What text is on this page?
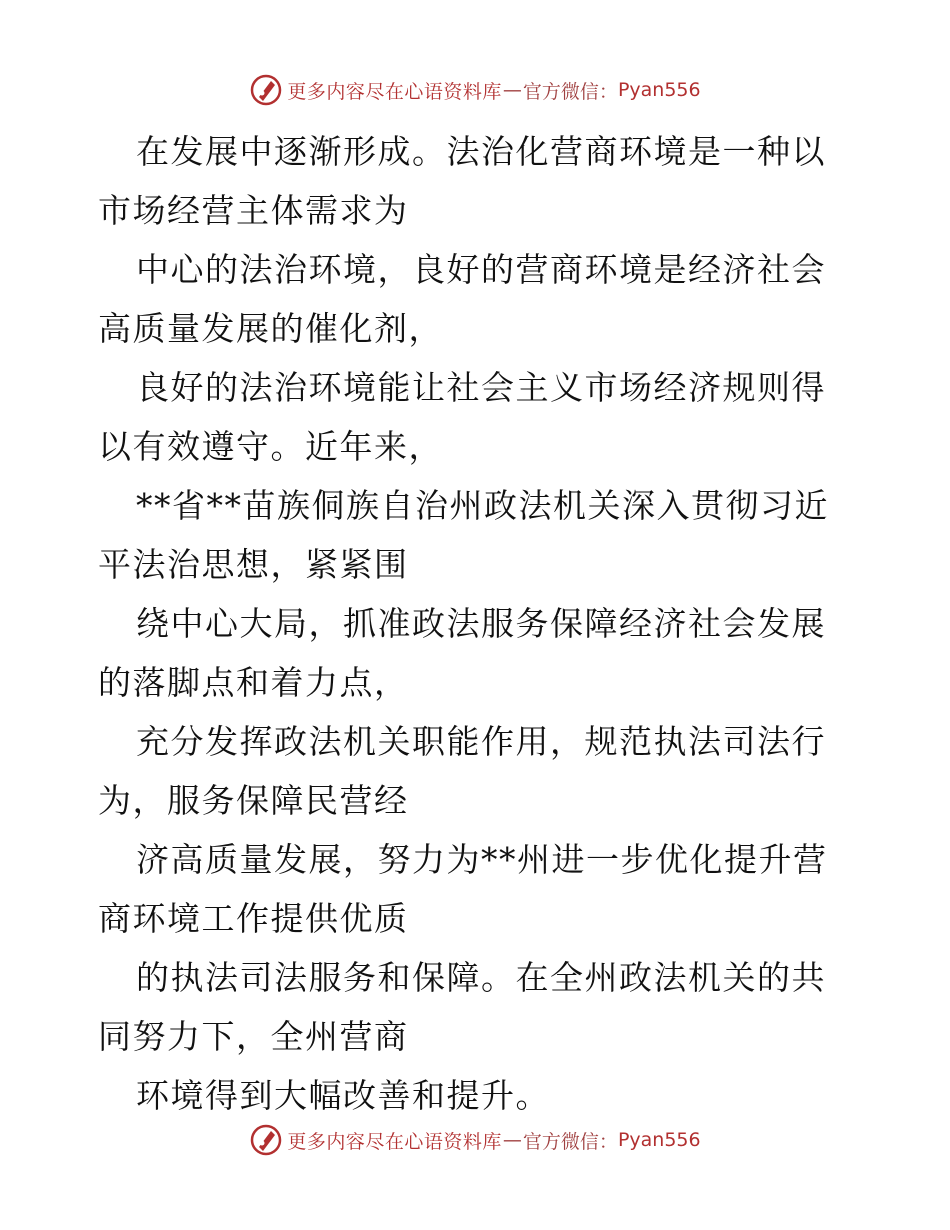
更多内容尽在心语资料库 — 官方微信： Pyan556

在发展中逐渐形成。法治化营商环境是一种以市场经营主体需求为

中心的法治环境，良好的营商环境是经济社会高质量发展的催化剂，

良好的法治环境能让社会主义市场经济规则得以有效遵守。近年来，

**省**苗族侗族自治州政法机关深入贯彻习近平法治思想，紧紧围

绕中心大局，抓准政法服务保障经济社会发展的落脚点和着力点，

充分发挥政法机关职能作用，规范执法司法行为，服务保障民营经

济高质量发展，努力为**州进一步优化提升营商环境工作提供优质

的执法司法服务和保障。在全州政法机关的共同努力下，全州营商

环境得到大幅改善和提升。

更多内容尽在心语资料库 — 官方微信： Pyan556
